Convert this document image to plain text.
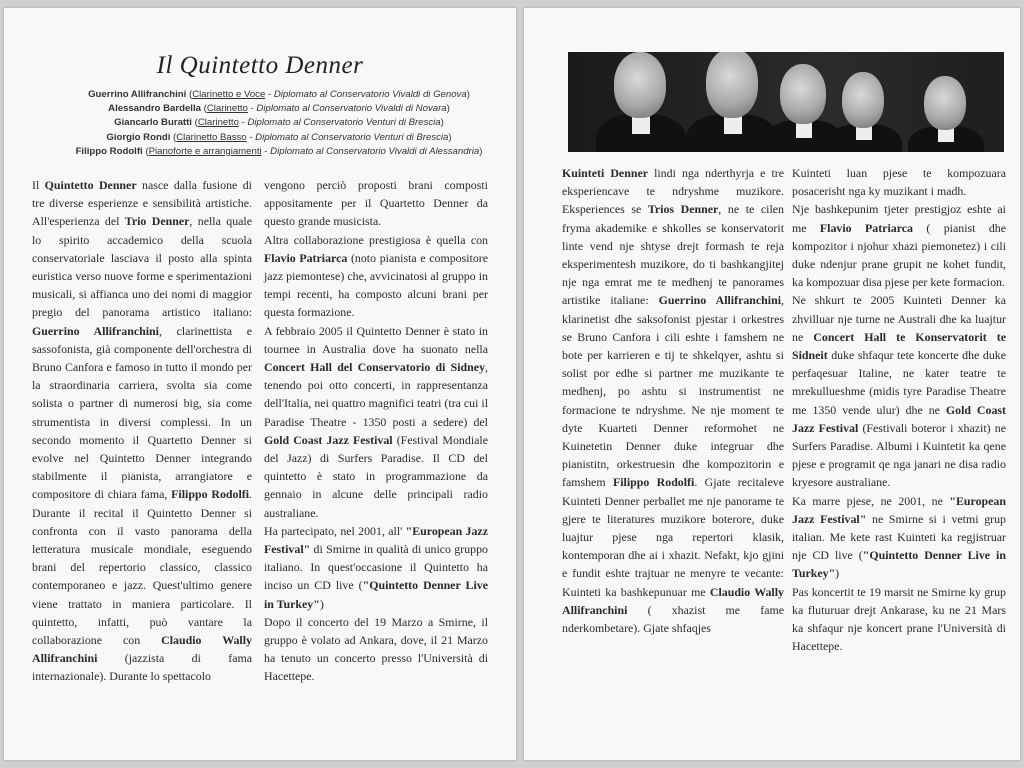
Il Quintetto Denner
Guerrino Allifranchini (Clarinetto e Voce - Diplomato al Conservatorio Vivaldi di Genova)
Alessandro Bardella (Clarinetto - Diplomato al Conservatorio Vivaldi di Novara)
Giancarlo Buratti (Clarinetto - Diplomato al Conservatorio Venturi di Brescia)
Giorgio Rondi (Clarinetto Basso - Diplomato al Conservatorio Venturi di Brescia)
Filippo Rodolfi (Pianoforte e arrangiamenti - Diplomato al Conservatorio Vivaldi di Alessandria)

Il Quintetto Denner nasce dalla fusione di tre diverse esperienze e sensibilità artistiche. All'esperienza del Trio Denner, nella quale lo spirito accademico della scuola conservatoriale lasciava il posto alla spinta euristica verso nuove forme e sperimentazioni musicali, si affianca uno dei nomi di maggior pregio del panorama artistico italiano: Guerrino Allifranchini, clarinettista e sassofonista, già componente dell'orchestra di Bruno Canfora e famoso in tutto il mondo per la straordinaria carriera, svolta sia come solista o partner di numerosi big, sia come strumentista in diversi complessi. In un secondo momento il Quartetto Denner si evolve nel Quintetto Denner integrando stabilmente il pianista, arrangiatore e compositore di chiara fama, Filippo Rodolfi. Durante il recital il Quintetto Denner si confronta con il vasto panorama della letteratura musicale mondiale, eseguendo brani del repertorio classico, classico contemporaneo e jazz. Quest'ultimo genere viene trattato in maniera particolare. Il quintetto, infatti, può vantare la collaborazione con Claudio Wally Allifranchini (jazzista di fama internazionale). Durante lo spettacolo

vengono perciò proposti brani composti appositamente per il Quartetto Denner da questo grande musicista.

Altra collaborazione prestigiosa è quella con Flavio Patriarca (noto pianista e compositore jazz piemontese) che, avvicinatosi al gruppo in tempi recenti, ha composto alcuni brani per questa formazione.

A febbraio 2005 il Quintetto Denner è stato in tournee in Australia dove ha suonato nella Concert Hall del Conservatorio di Sidney, tenendo poi otto concerti, in rappresentanza dell'Italia, nei quattro magnifici teatri (tra cui il Paradise Theatre - 1350 posti a sedere) del Gold Coast Jazz Festival (Festival Mondiale del Jazz) di Surfers Paradise. Il CD del quintetto è stato in programmazione da gennaio in alcune delle principali radio australiane.

Ha partecipato, nel 2001, all' "European Jazz Festival" di Smirne in qualità di unico gruppo italiano. In quest'occasione il Quintetto ha inciso un CD live ("Quintetto Denner Live in Turkey")

Dopo il concerto del 19 Marzo a Smirne, il gruppo è volato ad Ankara, dove, il 21 Marzo ha tenuto un concerto presso l'Università di Hacettepe.

Kuinteti Denner lindi nga nderthyrja e tre eksperiencave te ndryshme muzikore. Eksperiences se Trios Denner, ne te cilen fryma akademike e shkolles se konservatorit linte vend nje shtyse drejt formash te reja eksperimentesh muzikore, do ti bashkangjitej nje nga emrat me te medhenj te panorames artistike italiane: Guerrino Allifranchini, klarinetist dhe saksofonist pjestar i orkestres se Bruno Canfora i cili eshte i famshem ne bote per karrieren e tij te shkelqyer, ashtu si solist por edhe si partner me muzikante te medhenj, po ashtu si instrumentist ne formacione te ndryshme. Ne nje moment te dyte Kuarteti Denner reformohet ne Kuinetetin Denner duke integruar dhe pianistitn, orkestruesin dhe kompozitorin e famshem Filippo Rodolfi. Gjate recitaleve Kuinteti Denner perballet me nje panorame te gjere te literatures muzikore boterore, duke luajtur pjese nga repertori klasik, kontemporan dhe ai i xhazit. Nefakt, kjo gjini e fundit eshte trajtuar ne menyre te vecante: Kuinteti ka bashkepunuar me Claudio Wally Allifranchini ( xhazist me fame nderkombetare). Gjate shfaqjes

Kuinteti luan pjese te kompozuara posacerisht nga ky muzikant i madh.

Nje bashkepunim tjeter prestigjoz eshte ai me Flavio Patriarca ( pianist dhe kompozitor i njohur xhazi piemonetez) i cili duke ndenjur prane grupit ne kohet fundit, ka kompozuar disa pjese per kete formacion.

Ne shkurt te 2005 Kuinteti Denner ka zhvilluar nje turne ne Australi dhe ka luajtur ne Concert Hall te Konservatorit te Sidneit duke shfaqur tete koncerte dhe duke perfaqesuar Italine, ne kater teatre te mrekullueshme (midis tyre Paradise Theatre me 1350 vende ulur) dhe ne Gold Coast Jazz Festival (Festivali boteror i xhazit) ne Surfers Paradise. Albumi i Kuintetit ka qene pjese e programit qe nga janari ne disa radio kryesore australiane.

Ka marre pjese, ne 2001, ne "European Jazz Festival" ne Smirne si i vetmi grup italian. Me kete rast Kuinteti ka regjistruar nje CD live ("Quintetto Denner Live in Turkey")

Pas koncertit te 19 marsit ne Smirne ky grup ka fluturuar drejt Ankarase, ku ne 21 Mars ka shfaqur nje koncert prane l'Università di Hacettepe.
